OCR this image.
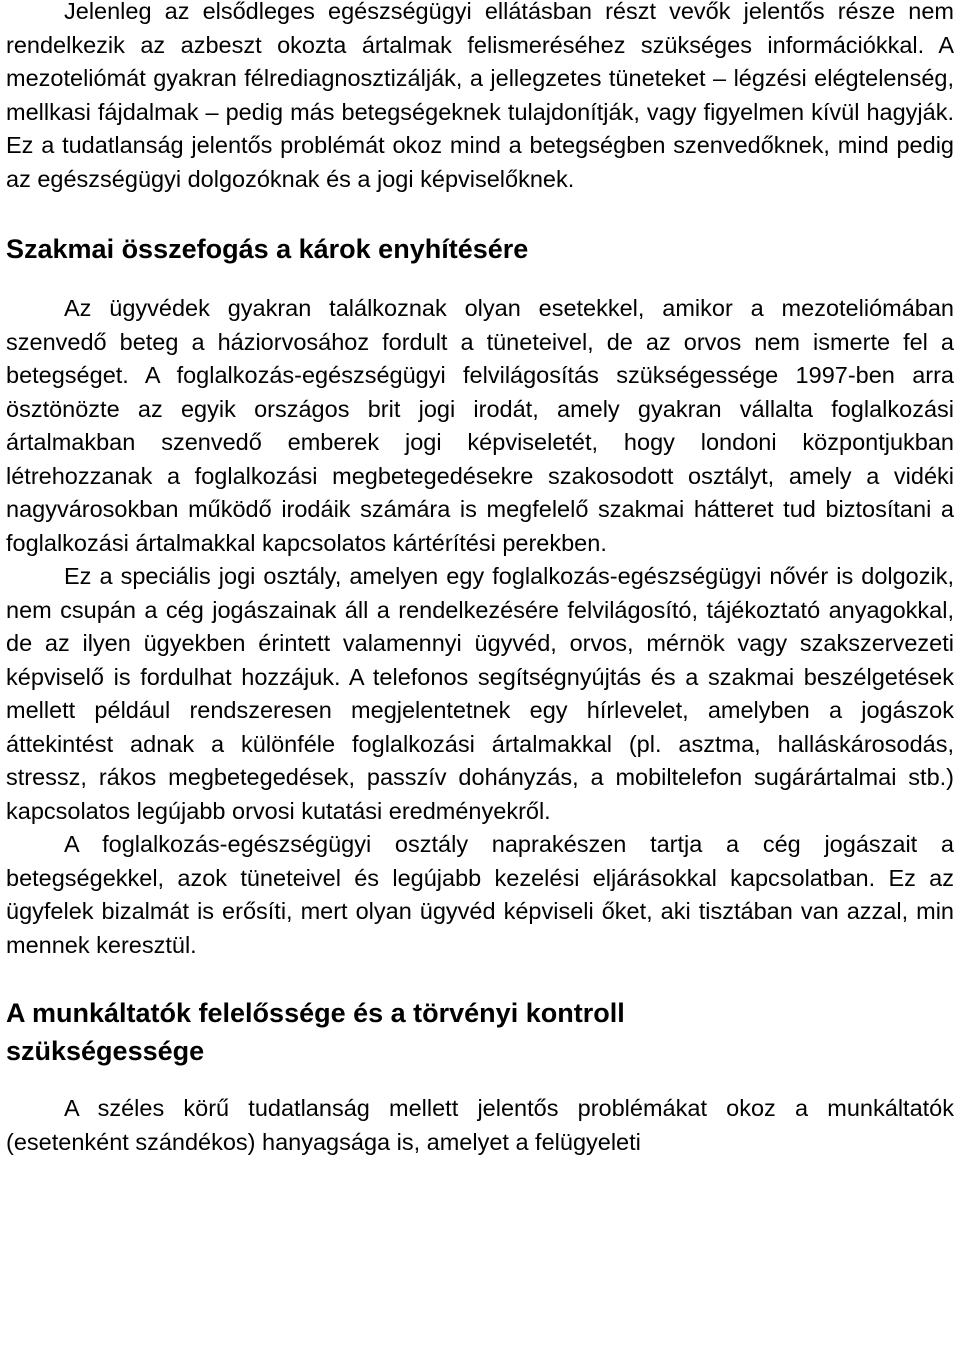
Jelenleg az elsődleges egészségügyi ellátásban részt vevők jelentős része nem rendelkezik az azbeszt okozta ártalmak felismeréséhez szükséges információkkal. A mezoteliómát gyakran félrediagnosztizálják, a jellegzetes tüneteket – légzési elégtelenség, mellkasi fájdalmak – pedig más betegségeknek tulajdonítják, vagy figyelmen kívül hagyják. Ez a tudatlanság jelentős problémát okoz mind a betegségben szenvedőknek, mind pedig az egészségügyi dolgozóknak és a jogi képviselőknek.

Szakmai összefogás a károk enyhítésére

Az ügyvédek gyakran találkoznak olyan esetekkel, amikor a mezoteliómában szenvedő beteg a háziorvosához fordult a tüneteivel, de az orvos nem ismerte fel a betegséget. A foglalkozás-egészségügyi felvilágosítás szükségessége 1997-ben arra ösztönözte az egyik országos brit jogi irodát, amely gyakran vállalta foglalkozási ártalmakban szenvedő emberek jogi képviseletét, hogy londoni központjukban létrehozzanak a foglalkozási megbetegedésekre szakosodott osztályt, amely a vidéki nagyvárosokban működő irodáik számára is megfelelő szakmai hátteret tud biztosítani a foglalkozási ártalmakkal kapcsolatos kártérítési perekben.

Ez a speciális jogi osztály, amelyen egy foglalkozás-egészségügyi nővér is dolgozik, nem csupán a cég jogászainak áll a rendelkezésére felvilágosító, tájékoztató anyagokkal, de az ilyen ügyekben érintett valamennyi ügyvéd, orvos, mérnök vagy szakszervezeti képviselő is fordulhat hozzájuk. A telefonos segítségnyújtás és a szakmai beszélgetések mellett például rendszeresen megjelentetnek egy hírlevelet, amelyben a jogászok áttekintést adnak a különféle foglalkozási ártalmakkal (pl. asztma, halláskárosodás, stressz, rákos megbetegedések, passzív dohányzás, a mobiltelefon sugárártalmai stb.) kapcsolatos legújabb orvosi kutatási eredményekről.

A foglalkozás-egészségügyi osztály naprakészen tartja a cég jogászait a betegségekkel, azok tüneteivel és legújabb kezelési eljárásokkal kapcsolatban. Ez az ügyfelek bizalmát is erősíti, mert olyan ügyvéd képviseli őket, aki tisztában van azzal, min mennek keresztül.

A munkáltatók felelőssége és a törvényi kontroll szükségessége

A széles körű tudatlanság mellett jelentős problémákat okoz a munkáltatók (esetenként szándékos) hanyagsága is, amelyet a felügyeleti
